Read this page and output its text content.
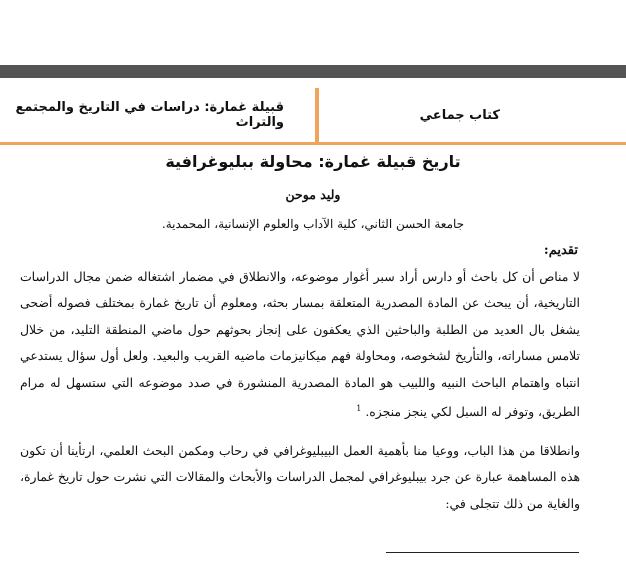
كتاب جماعي
قبيلة غمارة: دراسات في التاريخ والمجتمع والتراث
تاريخ قبيلة غمارة: محاولة ببليوغرافية
وليد موحن
جامعة الحسن الثاني، كلية الآداب والعلوم الإنسانية، المحمدية.
تقديم:

لا مناص أن كل باحث أو دارس أراد سبر أغوار موضوعه، والانطلاق في مضمار اشتغاله ضمن مجال الدراسات التاريخية، أن يبحث عن المادة المصدرية المتعلقة بمسار بحثه، ومعلوم أن تاريخ غمارة بمختلف فصوله أضحى يشغل بال العديد من الطلبة والباحثين الذي يعكفون على إنجاز بحوثهم حول ماضي المنطقة التليد، من خلال تلامس مساراته، والتأريخ لشخوصه، ومحاولة فهم ميكانيزمات ماضيه القريب والبعيد. ولعل أول سؤال يستدعي انتباه واهتمام الباحث النبيه واللبيب هو المادة المصدرية المنشورة في صدد موضوعه التي ستسهل له مرام الطريق، وتوفر له السبل لكي ينجز منجزه. $^1$

وانطلاقا من هذا الباب، ووعيا منا بأهمية العمل البيبليوغرافي في رحاب ومكمن البحث العلمي، ارتأينا أن تكون هذه المساهمة عبارة عن جرد بيبليوغرافي لمجمل الدراسات والأبحاث والمقالات التي نشرت حول تاريخ غمارة، والغاية من ذلك تتجلى في:
